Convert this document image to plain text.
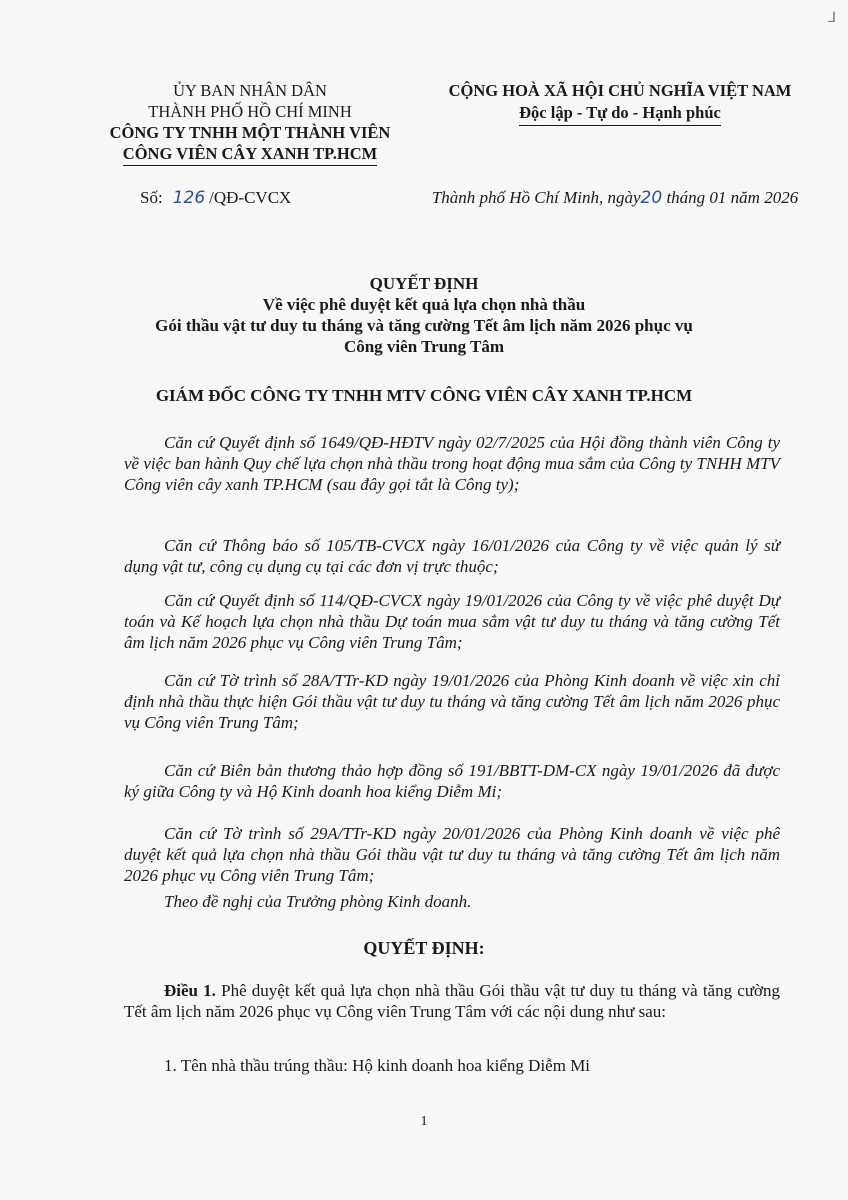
⅃
ỦY BAN NHÂN DÂN
THÀNH PHỐ HỒ CHÍ MINH
CÔNG TY TNHH MỘT THÀNH VIÊN
CÔNG VIÊN CÂY XANH TP.HCM
CỘNG HOÀ XÃ HỘI CHỦ NGHĨA VIỆT NAM
Độc lập - Tự do - Hạnh phúc
Số: 126 /QĐ-CVCX	Thành phố Hồ Chí Minh, ngày20 tháng 01 năm 2026
QUYẾT ĐỊNH
Về việc phê duyệt kết quả lựa chọn nhà thầu
Gói thầu vật tư duy tu tháng và tăng cường Tết âm lịch năm 2026 phục vụ
Công viên Trung Tâm
GIÁM ĐỐC CÔNG TY TNHH MTV CÔNG VIÊN CÂY XANH TP.HCM
Căn cứ Quyết định số 1649/QĐ-HĐTV ngày 02/7/2025 của Hội đồng thành viên Công ty về việc ban hành Quy chế lựa chọn nhà thầu trong hoạt động mua sắm của Công ty TNHH MTV Công viên cây xanh TP.HCM (sau đây gọi tắt là Công ty);
Căn cứ Thông báo số 105/TB-CVCX ngày 16/01/2026 của Công ty về việc quản lý sử dụng vật tư, công cụ dụng cụ tại các đơn vị trực thuộc;
Căn cứ Quyết định số 114/QĐ-CVCX ngày 19/01/2026 của Công ty về việc phê duyệt Dự toán và Kế hoạch lựa chọn nhà thầu Dự toán mua sắm vật tư duy tu tháng và tăng cường Tết âm lịch năm 2026 phục vụ Công viên Trung Tâm;
Căn cứ Tờ trình số 28A/TTr-KD ngày 19/01/2026 của Phòng Kinh doanh về việc xin chỉ định nhà thầu thực hiện Gói thầu vật tư duy tu tháng và tăng cường Tết âm lịch năm 2026 phục vụ Công viên Trung Tâm;
Căn cứ Biên bản thương thảo hợp đồng số 191/BBTT-DM-CX ngày 19/01/2026 đã được ký giữa Công ty và Hộ Kinh doanh hoa kiểng Diễm Mi;
Căn cứ Tờ trình số 29A/TTr-KD ngày 20/01/2026 của Phòng Kinh doanh về việc phê duyệt kết quả lựa chọn nhà thầu Gói thầu vật tư duy tu tháng và tăng cường Tết âm lịch năm 2026 phục vụ Công viên Trung Tâm;
Theo đề nghị của Trưởng phòng Kinh doanh.
QUYẾT ĐỊNH:
Điều 1. Phê duyệt kết quả lựa chọn nhà thầu Gói thầu vật tư duy tu tháng và tăng cường Tết âm lịch năm 2026 phục vụ Công viên Trung Tâm với các nội dung như sau:
1. Tên nhà thầu trúng thầu: Hộ kinh doanh hoa kiểng Diễm Mi
1
